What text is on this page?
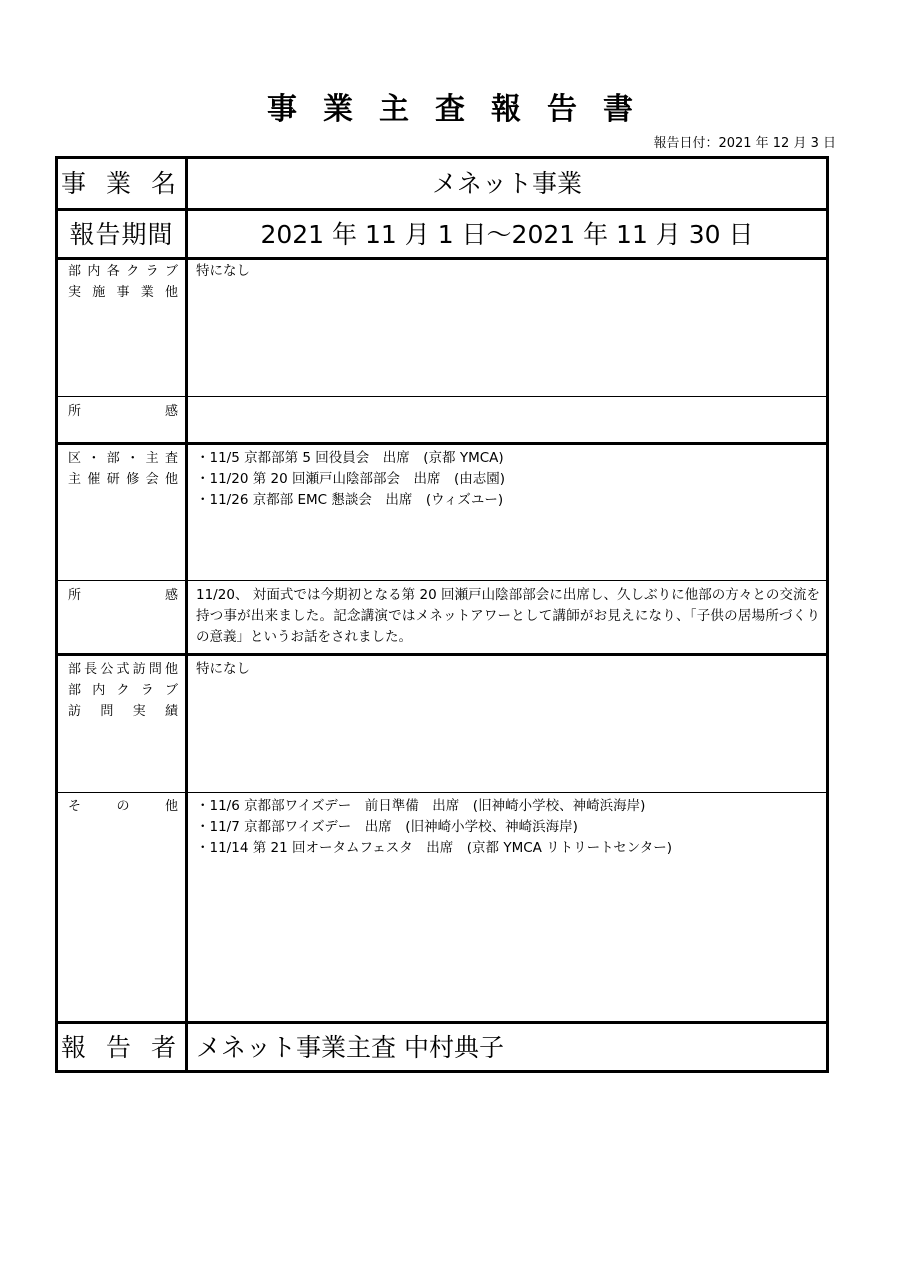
事業主査報告書
報告日付：2021 年 12 月 3 日
事 業 名	メネット事業
報告期間	2021 年 11 月 1 日～2021 年 11 月 30 日
部内各クラブ
実施事業他
特になし
所感
区・部・主査
主催研修会他
・11/5 京都部第 5 回役員会　出席　(京都 YMCA)
・11/20 第 20 回瀬戸山陰部部会　出席　(由志園)
・11/26 京都部 EMC 懇談会　出席　(ウィズユー)
所感 11/20、 対面式では今期初となる第 20 回瀬戸山陰部部会に出席し、久しぶりに他部の方々との交流を持つ事が出来ました。記念講演ではメネットアワーとして講師がお見えになり、「子供の居場所づくりの意義」というお話をされました。
部長公式訪問他
部内クラブ
訪問実績
特になし
その他 ・11/6 京都部ワイズデー　前日準備　出席　(旧神崎小学校、神崎浜海岸)
・11/7 京都部ワイズデー　出席　(旧神崎小学校、神崎浜海岸)
・11/14 第 21 回オータムフェスタ　出席　(京都 YMCA リトリートセンター)
報 告 者 メネット事業主査 中村典子
